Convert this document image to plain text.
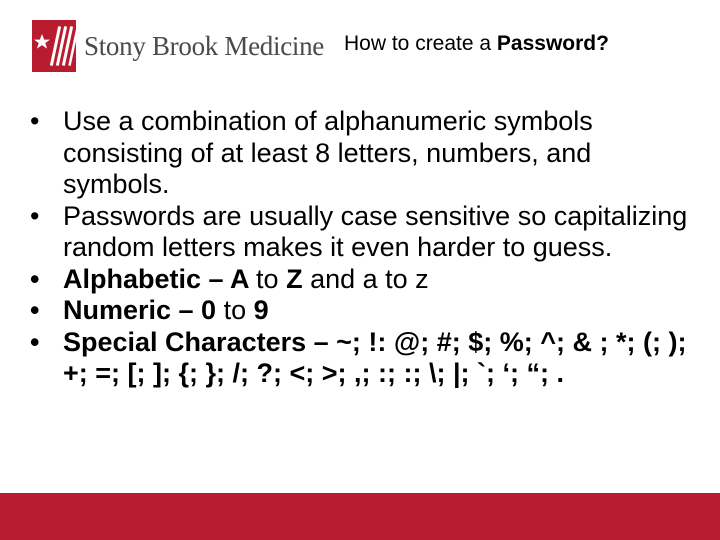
Stony Brook Medicine How to create a Password?
• Use a combination of alphanumeric symbols consisting of at least 8 letters, numbers, and symbols.
• Passwords are usually case sensitive so capitalizing random letters makes it even harder to guess.
• Alphabetic – A to Z and a to z
• Numeric – 0 to 9
• Special Characters – ~; !: @; #; $; %; ^; & ; *; (; ); +; =; [; ]; {; }; /; ?; <; >; ,; :; :; \; |; `; ‘; “; .
